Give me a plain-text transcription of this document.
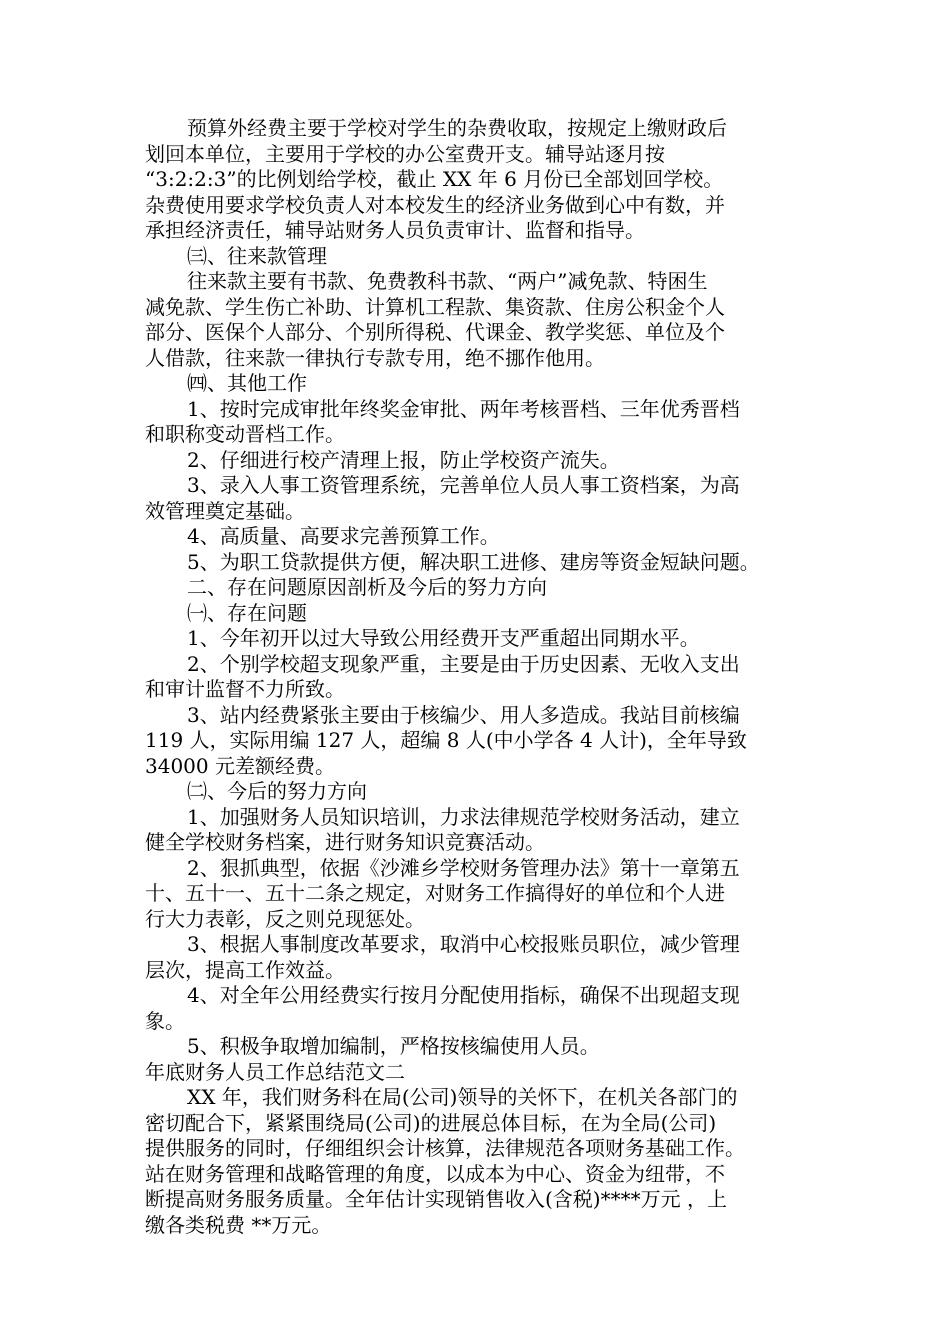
预算外经费主要于学校对学生的杂费收取，按规定上缴财政后
划回本单位，主要用于学校的办公室费开支。辅导站逐月按
“3:2:2:3”的比例划给学校，截止 XX 年 6 月份已全部划回学校。
杂费使用要求学校负责人对本校发生的经济业务做到心中有数，并
承担经济责任，辅导站财务人员负责审计、监督和指导。
㈢、往来款管理
往来款主要有书款、免费教科书款、“两户”减免款、特困生
减免款、学生伤亡补助、计算机工程款、集资款、住房公积金个人
部分、医保个人部分、个别所得税、代课金、教学奖惩、单位及个
人借款，往来款一律执行专款专用，绝不挪作他用。
㈣、其他工作
1、按时完成审批年终奖金审批、两年考核晋档、三年优秀晋档
和职称变动晋档工作。
2、仔细进行校产清理上报，防止学校资产流失。
3、录入人事工资管理系统，完善单位人员人事工资档案，为高
效管理奠定基础。
4、高质量、高要求完善预算工作。
5、为职工贷款提供方便，解决职工进修、建房等资金短缺问题。
二、存在问题原因剖析及今后的努力方向
㈠、存在问题
1、今年初开以过大导致公用经费开支严重超出同期水平。
2、个别学校超支现象严重，主要是由于历史因素、无收入支出
和审计监督不力所致。
3、站内经费紧张主要由于核编少、用人多造成。我站目前核编
119 人，实际用编 127 人，超编 8 人(中小学各 4 人计)，全年导致
34000 元差额经费。
㈡、今后的努力方向
1、加强财务人员知识培训，力求法律规范学校财务活动，建立
健全学校财务档案，进行财务知识竞赛活动。
2、狠抓典型，依据《沙滩乡学校财务管理办法》第十一章第五
十、五十一、五十二条之规定，对财务工作搞得好的单位和个人进
行大力表彰，反之则兑现惩处。
3、根据人事制度改革要求，取消中心校报账员职位，减少管理
层次，提高工作效益。
4、对全年公用经费实行按月分配使用指标，确保不出现超支现
象。
5、积极争取增加编制，严格按核编使用人员。
年底财务人员工作总结范文二
XX 年，我们财务科在局(公司)领导的关怀下，在机关各部门的
密切配合下，紧紧围绕局(公司)的进展总体目标，在为全局(公司)
提供服务的同时，仔细组织会计核算，法律规范各项财务基础工作。
站在财务管理和战略管理的角度，以成本为中心、资金为纽带，不
断提高财务服务质量。全年估计实现销售收入(含税)****万元 ，上
缴各类税费 **万元。
